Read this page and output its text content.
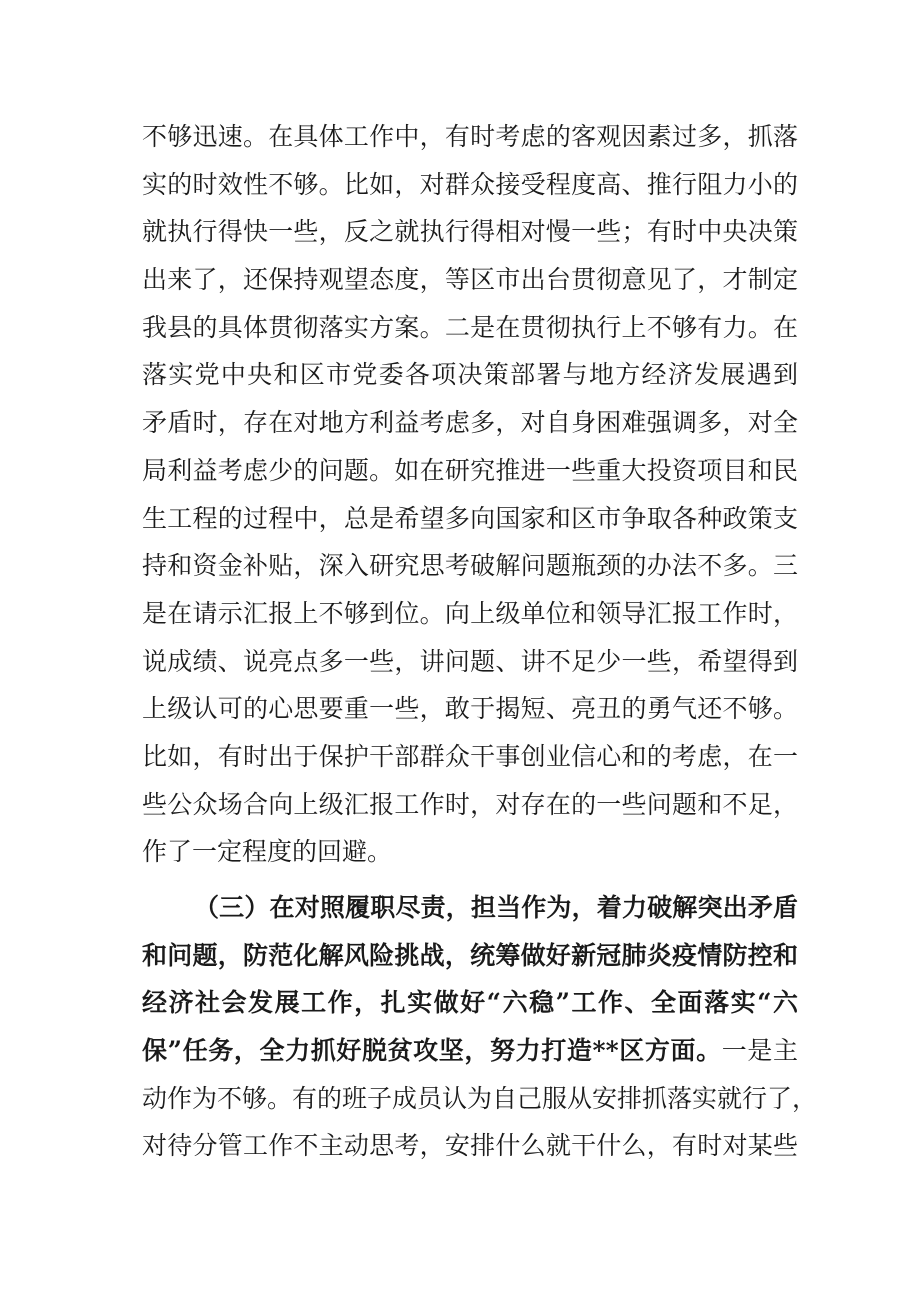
不够迅速。在具体工作中，有时考虑的客观因素过多，抓落
实的时效性不够。比如，对群众接受程度高、推行阻力小的
就执行得快一些，反之就执行得相对慢一些；有时中央决策
出来了，还保持观望态度，等区市出台贯彻意见了，才制定
我县的具体贯彻落实方案。二是在贯彻执行上不够有力。在
落实党中央和区市党委各项决策部署与地方经济发展遇到
矛盾时，存在对地方利益考虑多，对自身困难强调多，对全
局利益考虑少的问题。如在研究推进一些重大投资项目和民
生工程的过程中，总是希望多向国家和区市争取各种政策支
持和资金补贴，深入研究思考破解问题瓶颈的办法不多。三
是在请示汇报上不够到位。向上级单位和领导汇报工作时，
说成绩、说亮点多一些，讲问题、讲不足少一些，希望得到
上级认可的心思要重一些，敢于揭短、亮丑的勇气还不够。
比如，有时出于保护干部群众干事创业信心和的考虑，在一
些公众场合向上级汇报工作时，对存在的一些问题和不足，
作了一定程度的回避。
（三）在对照履职尽责，担当作为，着力破解突出矛盾
和问题，防范化解风险挑战，统筹做好新冠肺炎疫情防控和
经济社会发展工作，扎实做好“六稳”工作、全面落实“六
保”任务，全力抓好脱贫攻坚，努力打造**区方面。一是主
动作为不够。有的班子成员认为自己服从安排抓落实就行了，
对待分管工作不主动思考，安排什么就干什么，有时对某些
